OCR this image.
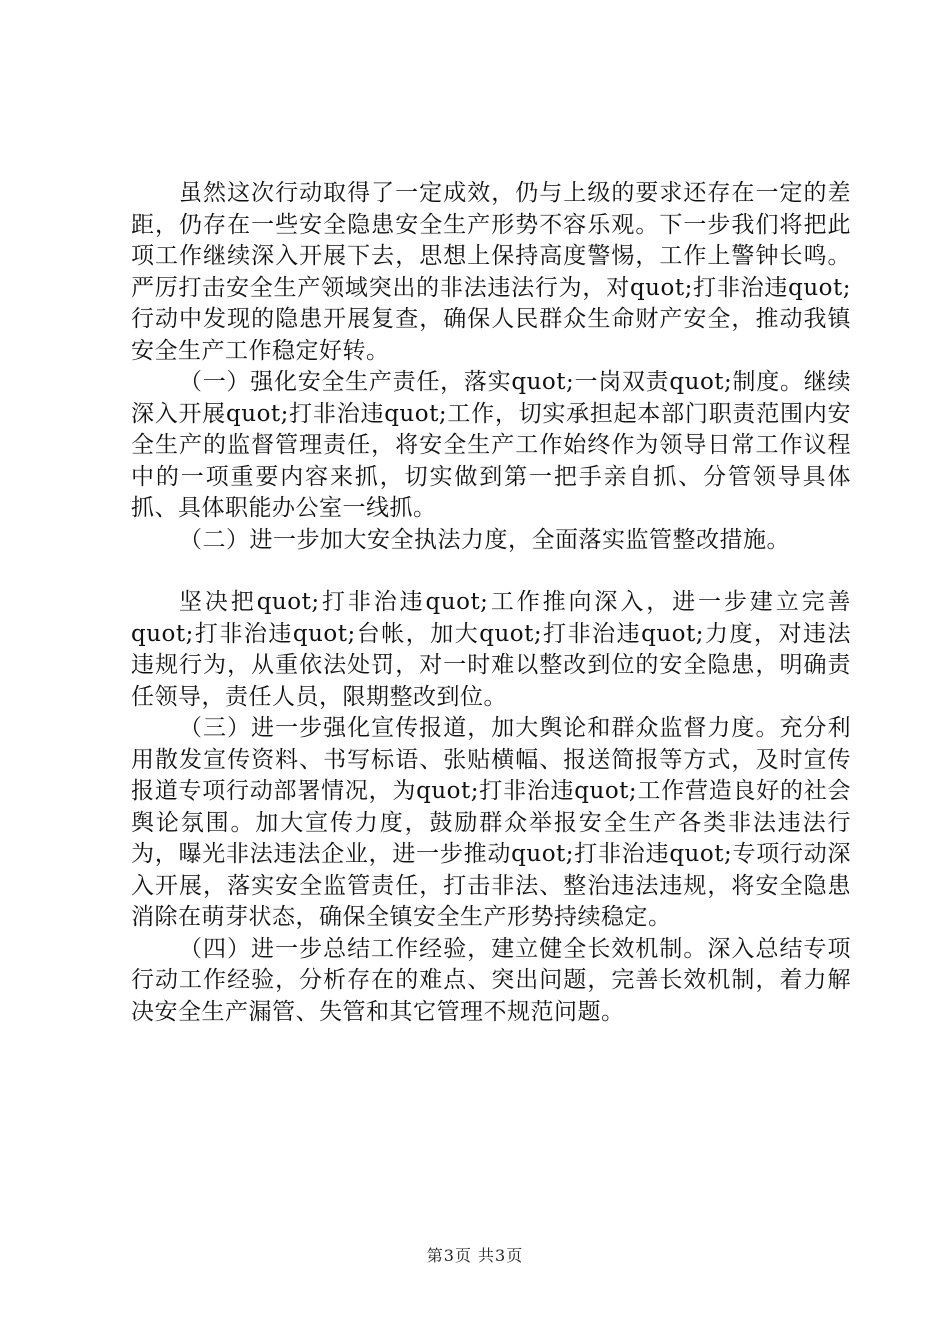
虽然这次行动取得了一定成效，仍与上级的要求还存在一定的差距，仍存在一些安全隐患安全生产形势不容乐观。下一步我们将把此项工作继续深入开展下去，思想上保持高度警惕，工作上警钟长鸣。严厉打击安全生产领域突出的非法违法行为，对quot;打非治违quot;行动中发现的隐患开展复查，确保人民群众生命财产安全，推动我镇安全生产工作稳定好转。

（一）强化安全生产责任，落实quot;一岗双责quot;制度。继续深入开展quot;打非治违quot;工作，切实承担起本部门职责范围内安全生产的监督管理责任，将安全生产工作始终作为领导日常工作议程中的一项重要内容来抓，切实做到第一把手亲自抓、分管领导具体抓、具体职能办公室一线抓。

（二）进一步加大安全执法力度，全面落实监管整改措施。

坚决把quot;打非治违quot;工作推向深入，进一步建立完善quot;打非治违quot;台帐，加大quot;打非治违quot;力度，对违法违规行为，从重依法处罚，对一时难以整改到位的安全隐患，明确责任领导，责任人员，限期整改到位。

（三）进一步强化宣传报道，加大舆论和群众监督力度。充分利用散发宣传资料、书写标语、张贴横幅、报送简报等方式，及时宣传报道专项行动部署情况，为quot;打非治违quot;工作营造良好的社会舆论氛围。加大宣传力度，鼓励群众举报安全生产各类非法违法行为，曝光非法违法企业，进一步推动quot;打非治违quot;专项行动深入开展，落实安全监管责任，打击非法、整治违法违规，将安全隐患消除在萌芽状态，确保全镇安全生产形势持续稳定。

（四）进一步总结工作经验，建立健全长效机制。深入总结专项行动工作经验，分析存在的难点、突出问题，完善长效机制，着力解决安全生产漏管、失管和其它管理不规范问题。

第3页 共3页
